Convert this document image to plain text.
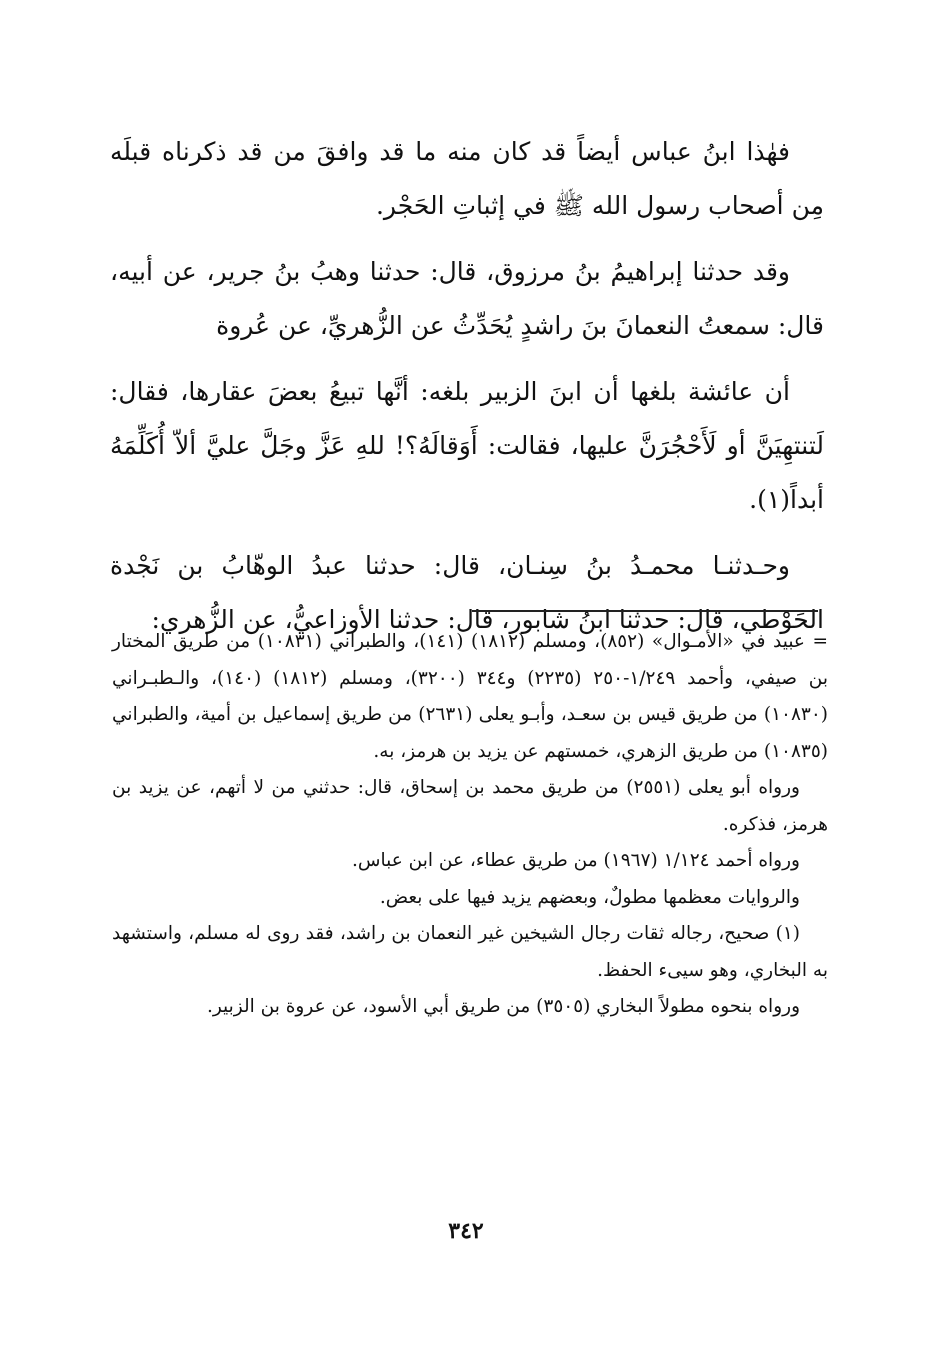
فهٰذا ابنُ عباس أيضاً قد كان منه ما قد وافقَ من قد ذكرناه قبلَه مِن أصحاب رسول الله ﷺ في إثباتِ الحَجْر.

وقد حدثنا إبراهيمُ بنُ مرزوق، قال: حدثنا وهبُ بنُ جرير، عن أبيه، قال: سمعتُ النعمانَ بنَ راشدٍ يُحَدِّثُ عن الزُّهريِّ، عن عُروة

أن عائشة بلغها أن ابنَ الزبير بلغه: أنَّها تبيعُ بعضَ عقارها، فقال: لَتنتهِيَنَّ أو لَأَحْجُرَنَّ عليها، فقالت: أَوَقالَهُ؟! للهِ عَزَّ وجَلَّ عليَّ ألاّ أُكَلِّمَهُ أبداً(١).

وحـدثنـا محمـدُ بنُ سِنـان، قال: حدثنا عبدُ الوهّابُ بن نَجْدة الحَوْطي، قال: حدثنا ابنُ شابور، قال: حدثنا الأوزاعيُّ، عن الزُّهري:

= عبيد في «الأمـوال» (٨٥٢)، ومسلم (١٨١٢) (١٤١)، والطبراني (١٠٨٣١) من طريق المختار بن صيفي، وأحمد ١/٢٤٩-٢٥٠ (٢٢٣٥) و٣٤٤ (٣٢٠٠)، ومسلم (١٨١٢) (١٤٠)، والـطبـراني (١٠٨٣٠) من طريق قيس بن سعـد، وأبـو يعلى (٢٦٣١) من طريق إسماعيل بن أمية، والطبراني (١٠٨٣٥) من طريق الزهري، خمستهم عن يزيد بن هرمز، به.

ورواه أبو يعلى (٢٥٥١) من طريق محمد بن إسحاق، قال: حدثني من لا أتهم، عن يزيد بن هرمز، فذكره.

ورواه أحمد ١/١٢٤ (١٩٦٧) من طريق عطاء، عن ابن عباس.

والروايات معظمها مطولٌ، وبعضهم يزيد فيها على بعض.

(١) صحيح، رجاله ثقات رجال الشيخين غير النعمان بن راشد، فقد روى له مسلم، واستشهد به البخاري، وهو سيىء الحفظ.

ورواه بنحوه مطولاً البخاري (٣٥٠٥) من طريق أبي الأسود، عن عروة بن الزبير.

٣٤٢
